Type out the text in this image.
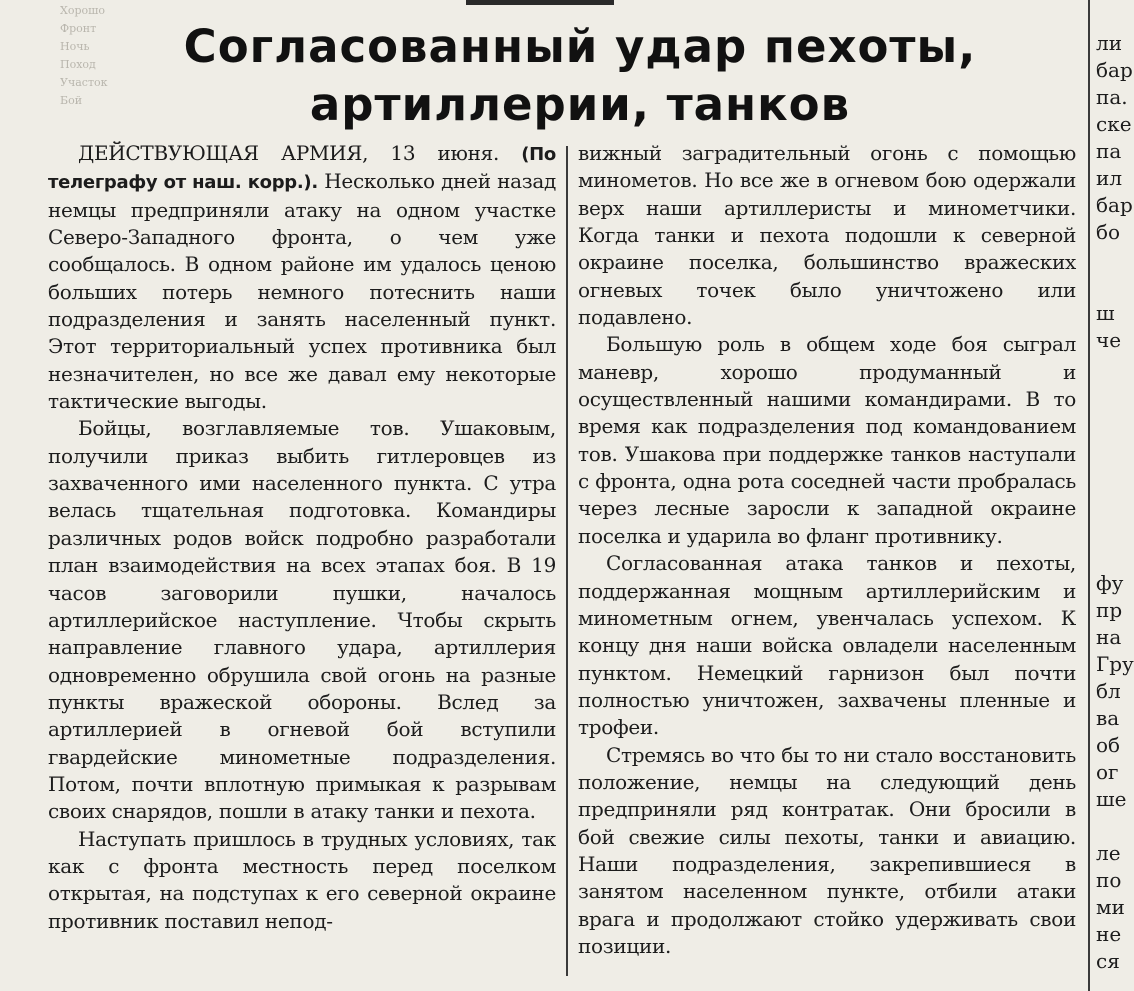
Хорошо
Фронт
Ночь
Поход
Участок
Бой
Согласованный удар пехоты,
артиллерии, танков

ДЕЙСТВУЮЩАЯ АРМИЯ, 13 июня. (По телеграфу от наш. корр.). Несколько дней назад немцы предприняли атаку на одном участке Северо-Западного фронта, о чем уже сообщалось. В одном районе им удалось ценою больших потерь немного потеснить наши подразделения и занять населенный пункт. Этот территориальный успех противника был незначителен, но все же давал ему некоторые тактические выгоды.

Бойцы, возглавляемые тов. Ушаковым, получили приказ выбить гитлеровцев из захваченного ими населенного пункта. С утра велась тщательная подготовка. Командиры различных родов войск подробно разработали план взаимодействия на всех этапах боя. В 19 часов заговорили пушки, началось артиллерийское наступление. Чтобы скрыть направление главного удара, артиллерия одновременно обрушила свой огонь на разные пункты вражеской обороны. Вслед за артиллерией в огневой бой вступили гвардейские минометные подразделения. Потом, почти вплотную примыкая к разрывам своих снарядов, пошли в атаку танки и пехота.

Наступать пришлось в трудных условиях, так как с фронта местность перед поселком открытая, на подступах к его северной окраине противник поставил непод-

вижный заградительный огонь с помощью минометов. Но все же в огневом бою одержали верх наши артиллеристы и минометчики. Когда танки и пехота подошли к северной окраине поселка, большинство вражеских огневых точек было уничтожено или подавлено.

Большую роль в общем ходе боя сыграл маневр, хорошо продуманный и осуществленный нашими командирами. В то время как подразделения под командованием тов. Ушакова при поддержке танков наступали с фронта, одна рота соседней части пробралась через лесные заросли к западной окраине поселка и ударила во фланг противнику.

Согласованная атака танков и пехоты, поддержанная мощным артиллерийским и минометным огнем, увенчалась успехом. К концу дня наши войска овладели населенным пунктом. Немецкий гарнизон был почти полностью уничтожен, захвачены пленные и трофеи.

Стремясь во что бы то ни стало восстановить положение, немцы на следующий день предприняли ряд контратак. Они бросили в бой свежие силы пехоты, танки и авиацию. Наши подразделения, закрепившиеся в занятом населенном пункте, отбили атаки врага и продолжают стойко удерживать свои позиции.

ли
бар
па.
ске
па
ил
бар
бо
ш
че
фу
пр
на
Гру
бл
ва
об
ог
ше
ле
по
ми
не
ся
